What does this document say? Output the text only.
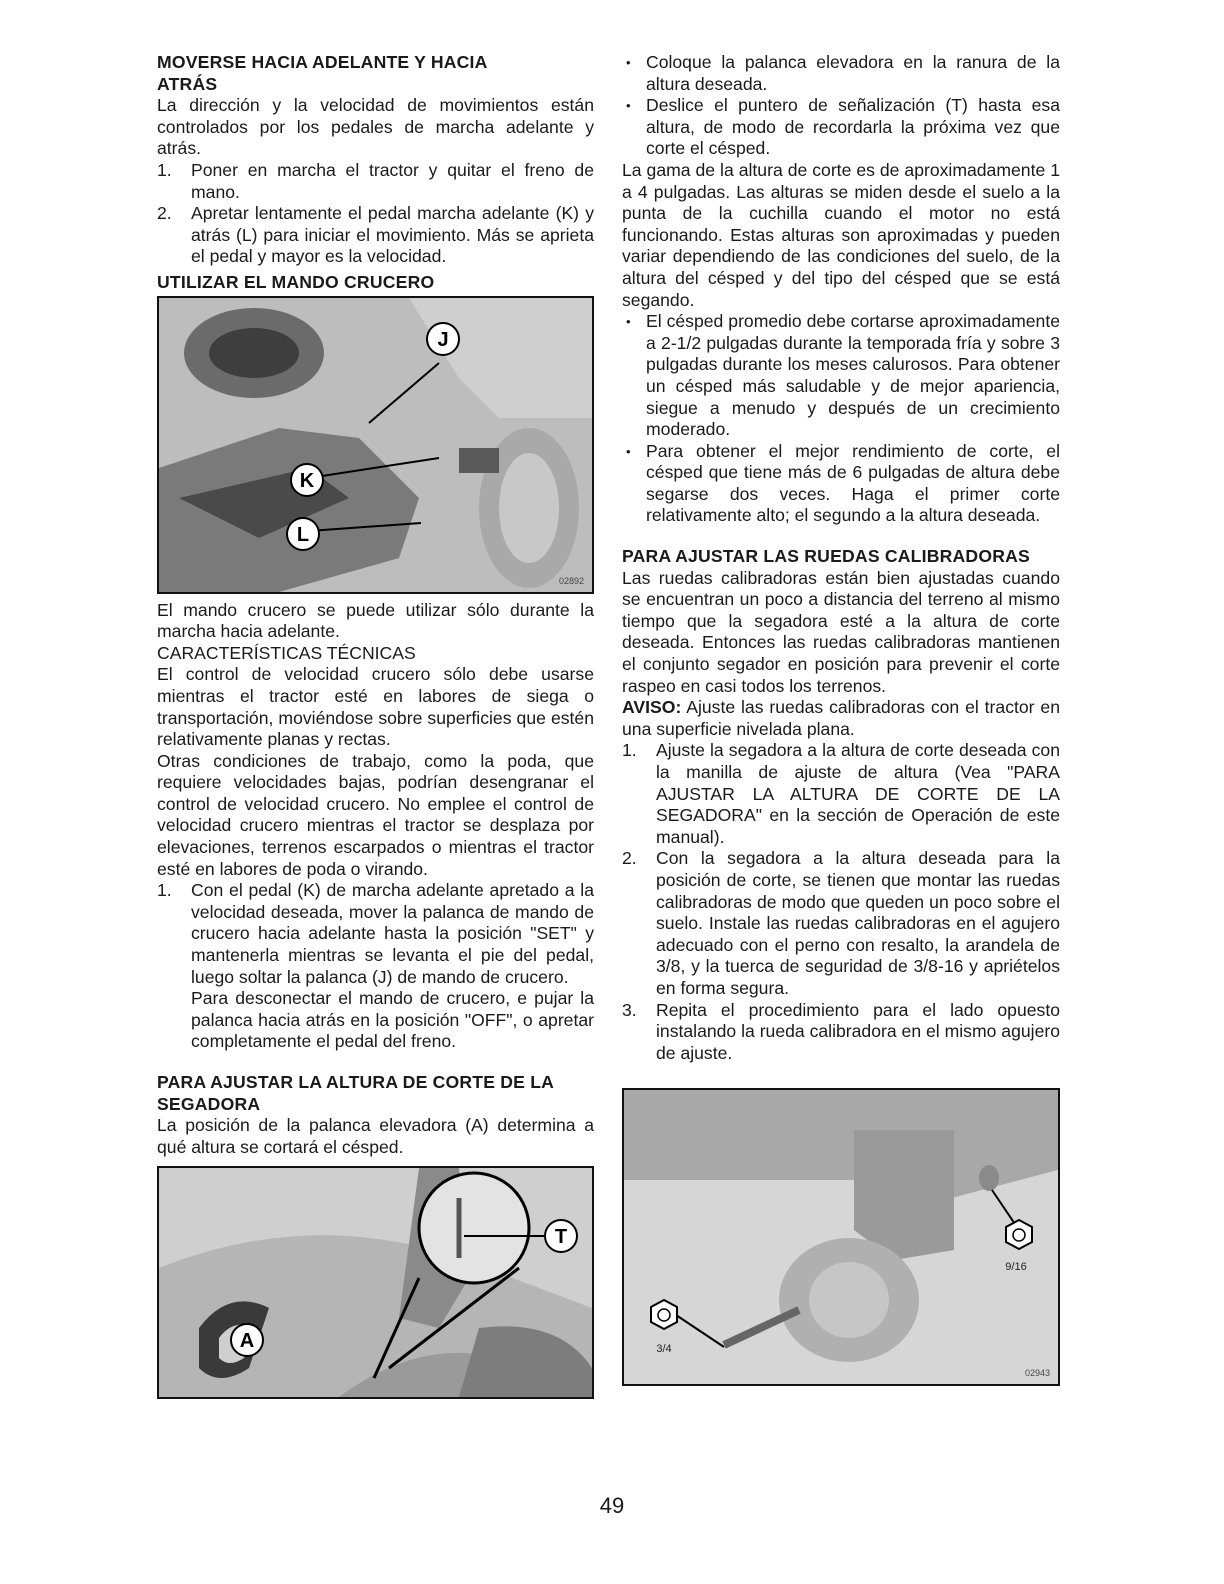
MOVERSE HACIA ADELANTE Y HACIA
ATRÁS

La dirección y la velocidad de movimientos están controlados por los pedales de marcha adelante y atrás.

1. Poner en marcha el tractor y quitar el freno de mano.
2. Apretar lentamente el pedal marcha adelante (K) y atrás (L) para iniciar el movimiento. Más se aprieta el pedal y mayor es la velocidad.
UTILIZAR EL MANDO CRUCERO
J
K
L
02892

El mando crucero se puede utilizar sólo durante la marcha hacia adelante.

CARACTERÍSTICAS TÉCNICAS

El control de velocidad crucero sólo debe usarse mientras el tractor esté en labores de siega o transportación, moviéndose sobre superficies que estén relativamente planas y rectas.

Otras condiciones de trabajo, como la poda, que requiere velocidades bajas, podrían desengranar el control de velocidad crucero. No emplee el control de velocidad crucero mientras el tractor se desplaza por elevaciones, terrenos escarpados o mientras el tractor esté en labores de poda o virando.

1. Con el pedal (K) de marcha adelante apretado a la velocidad deseada, mover la palanca de mando de crucero hacia adelante hasta la posición "SET" y mantenerla mientras se levanta el pie del pedal, luego soltar la palanca (J) de mando de crucero.
Para desconectar el mando de crucero, e pujar la palanca hacia atrás en la posición "OFF", o apretar completamente el pedal del freno.
PARA AJUSTAR LA ALTURA DE CORTE DE LA SEGADORA

La posición de la palanca elevadora (A) determina a qué altura se cortará el césped.

T
A
• Coloque la palanca elevadora en la ranura de la altura deseada.
• Deslice el puntero de señalización (T) hasta esa altura, de modo de recordarla la próxima vez que corte el césped.

La gama de la altura de corte es de aproximadamente 1 a 4 pulgadas. Las alturas se miden desde el suelo a la punta de la cuchilla cuando el motor no está funcionando. Estas alturas son aproximadas y pueden variar dependiendo de las condiciones del suelo, de la altura del césped y del tipo del césped que se está segando.

• El césped promedio debe cortarse aproximadamente a 2-1/2 pulgadas durante la temporada fría y sobre 3 pulgadas durante los meses calurosos. Para obtener un césped más saludable y de mejor apariencia, siegue a menudo y después de un crecimiento moderado.
• Para obtener el mejor rendimiento de corte, el césped que tiene más de 6 pulgadas de altura debe segarse dos veces. Haga el primer corte relativamente alto; el segundo a la altura deseada.
PARA AJUSTAR LAS RUEDAS CALIBRADORAS

Las ruedas calibradoras están bien ajustadas cuando se encuentran un poco a distancia del terreno al mismo tiempo que la segadora esté a la altura de corte deseada. Entonces las ruedas calibradoras mantienen el conjunto segador en posición para prevenir el corte raspeo en casi todos los terrenos.

AVISO: Ajuste las ruedas calibradoras con el tractor en una superficie nivelada plana.

1. Ajuste la segadora a la altura de corte deseada con la manilla de ajuste de altura (Vea "PARA AJUSTAR LA ALTURA DE CORTE DE LA SEGADORA" en la sección de Operación de este manual).
2. Con la segadora a la altura deseada para la posición de corte, se tienen que montar las ruedas calibradoras de modo que queden un poco sobre el suelo. Instale las ruedas calibradoras en el agujero adecuado con el perno con resalto, la arandela de 3/8, y la tuerca de seguridad de 3/8-16 y apriételos en forma segura.
3. Repita el procedimiento para el lado opuesto instalando la rueda calibradora en el mismo agujero de ajuste.
9/16
3/4
02943
49
